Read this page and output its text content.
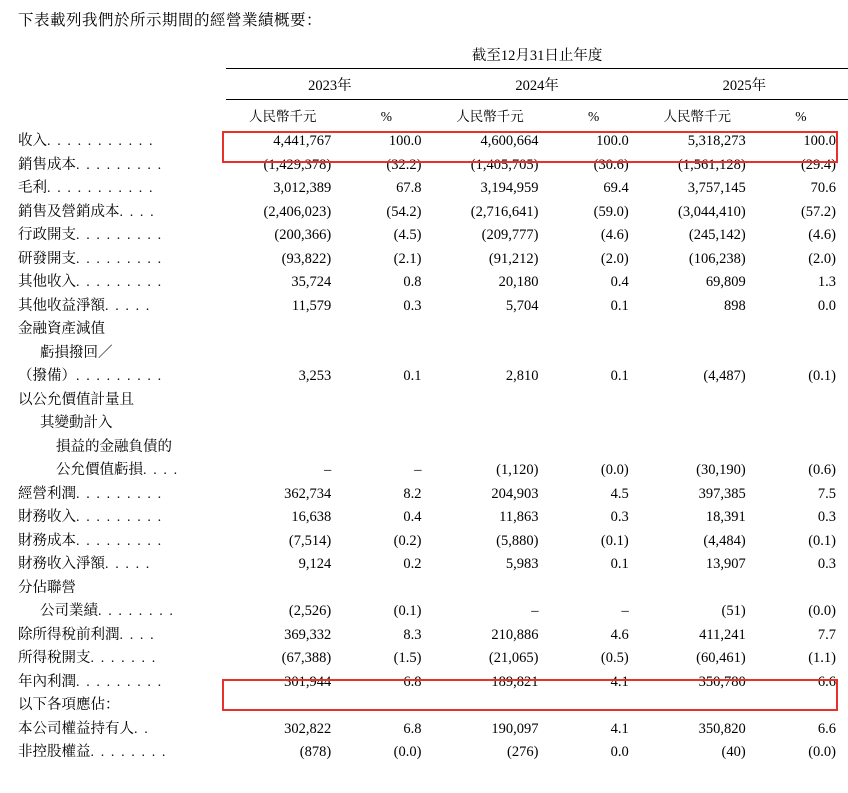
下表載列我們於所示期間的經營業績概要：
	截至12月31日止年度					

	2023年		2024年		2025年	

	人民幣千元	%	人民幣千元	%	人民幣千元	%
收入. . . . . . . . . . .	4,441,767	100.0	4,600,664	100.0	5,318,273	100.0
銷售成本. . . . . . . . .	(1,429,378)	(32.2)	(1,405,705)	(30.6)	(1,561,128)	(29.4)
毛利. . . . . . . . . . .	3,012,389	67.8	3,194,959	69.4	3,757,145	70.6
銷售及營銷成本. . . .	(2,406,023)	(54.2)	(2,716,641)	(59.0)	(3,044,410)	(57.2)
行政開支. . . . . . . . .	(200,366)	(4.5)	(209,777)	(4.6)	(245,142)	(4.6)
研發開支. . . . . . . . .	(93,822)	(2.1)	(91,212)	(2.0)	(106,238)	(2.0)
其他收入. . . . . . . . .	35,724	0.8	20,180	0.4	69,809	1.3
其他收益淨額. . . . .	11,579	0.3	5,704	0.1	898	0.0
金融資產減值						
虧損撥回／						
（撥備）. . . . . . . . .	3,253	0.1	2,810	0.1	(4,487)	(0.1)
以公允價值計量且						
其變動計入						
損益的金融負債的						
公允價值虧損. . . .	–	–	(1,120)	(0.0)	(30,190)	(0.6)
經營利潤. . . . . . . . .	362,734	8.2	204,903	4.5	397,385	7.5
財務收入. . . . . . . . .	16,638	0.4	11,863	0.3	18,391	0.3
財務成本. . . . . . . . .	(7,514)	(0.2)	(5,880)	(0.1)	(4,484)	(0.1)
財務收入淨額. . . . .	9,124	0.2	5,983	0.1	13,907	0.3
分佔聯營						
公司業績. . . . . . . .	(2,526)	(0.1)	–	–	(51)	(0.0)
除所得稅前利潤. . . .	369,332	8.3	210,886	4.6	411,241	7.7
所得稅開支. . . . . . .	(67,388)	(1.5)	(21,065)	(0.5)	(60,461)	(1.1)
年內利潤. . . . . . . . .	301,944	6.8	189,821	4.1	350,780	6.6
以下各項應佔：						
本公司權益持有人. .	302,822	6.8	190,097	4.1	350,820	6.6
非控股權益. . . . . . . .	(878)	(0.0)	(276)	0.0	(40)	(0.0)
